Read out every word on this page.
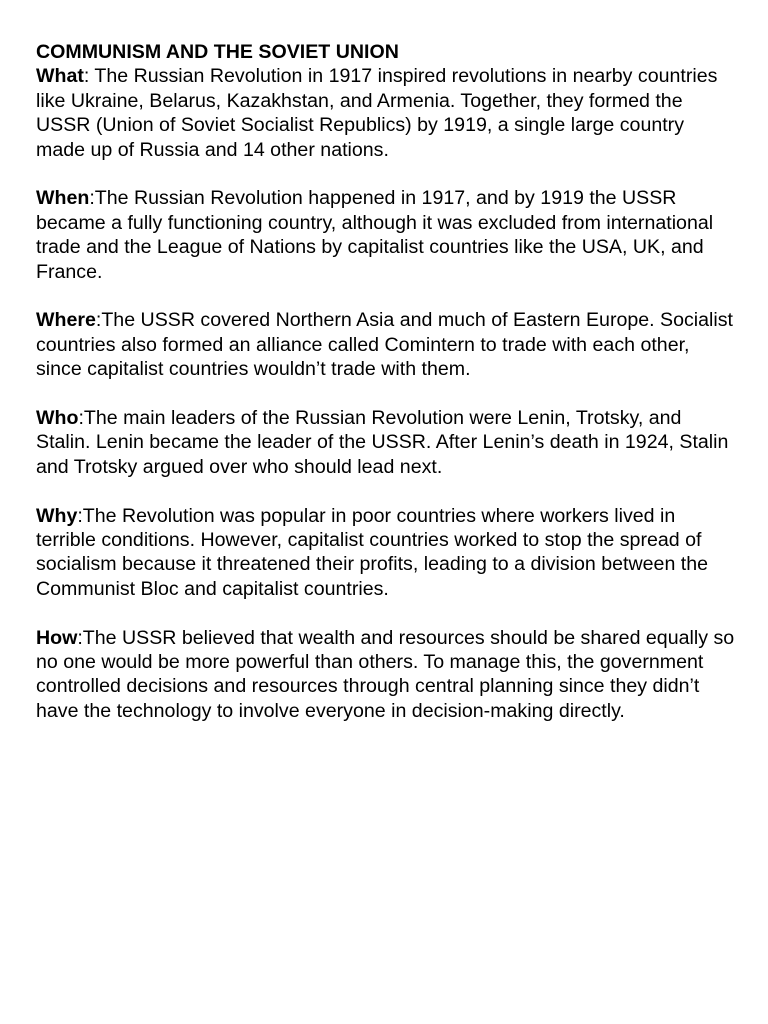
COMMUNISM AND THE SOVIET UNION
What: The Russian Revolution in 1917 inspired revolutions in nearby countries like Ukraine, Belarus, Kazakhstan, and Armenia. Together, they formed the USSR (Union of Soviet Socialist Republics) by 1919, a single large country made up of Russia and 14 other nations.
When:The Russian Revolution happened in 1917, and by 1919 the USSR became a fully functioning country, although it was excluded from international trade and the League of Nations by capitalist countries like the USA, UK, and France.
Where:The USSR covered Northern Asia and much of Eastern Europe. Socialist countries also formed an alliance called Comintern to trade with each other, since capitalist countries wouldn’t trade with them.
Who:The main leaders of the Russian Revolution were Lenin, Trotsky, and Stalin. Lenin became the leader of the USSR. After Lenin’s death in 1924, Stalin and Trotsky argued over who should lead next.
Why:The Revolution was popular in poor countries where workers lived in terrible conditions. However, capitalist countries worked to stop the spread of socialism because it threatened their profits, leading to a division between the Communist Bloc and capitalist countries.
How:The USSR believed that wealth and resources should be shared equally so no one would be more powerful than others. To manage this, the government controlled decisions and resources through central planning since they didn’t have the technology to involve everyone in decision-making directly.
